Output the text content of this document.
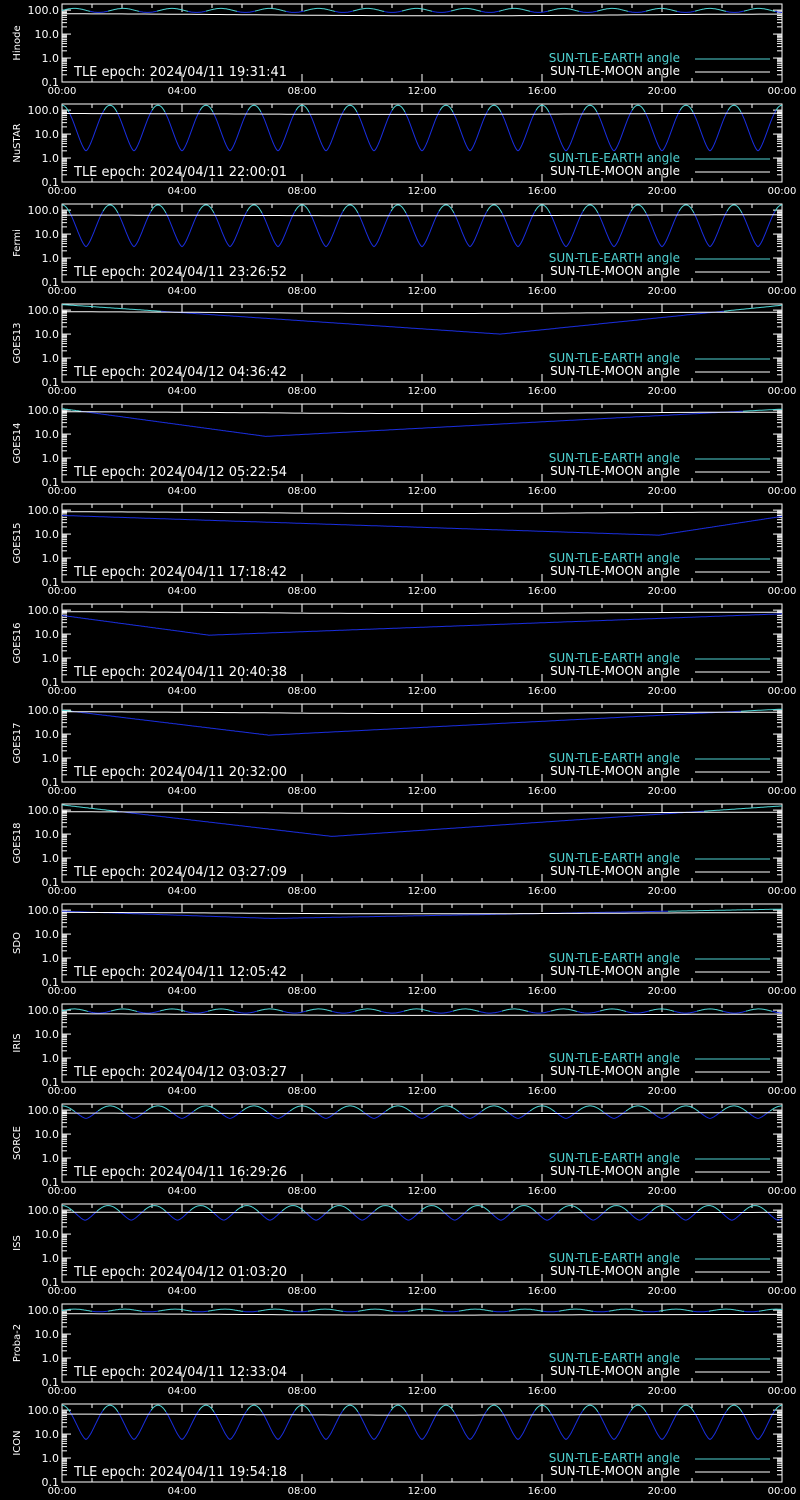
100.0
10.0
1.0
0.1
00:00	04:00	08:00	12:00	16:00	20:00	00:00
Hinode
TLE epoch: 2024/04/11 19:31:41
SUN-TLE-EARTH angle
SUN-TLE-MOON angle
100.0
10.0
1.0
0.1
00:00	04:00	08:00	12:00	16:00	20:00	00:00
NuSTAR
TLE epoch: 2024/04/11 22:00:01
SUN-TLE-EARTH angle
SUN-TLE-MOON angle
100.0
10.0
1.0
0.1
00:00	04:00	08:00	12:00	16:00	20:00	00:00
Fermi
TLE epoch: 2024/04/11 23:26:52
SUN-TLE-EARTH angle
SUN-TLE-MOON angle
100.0
10.0
1.0
0.1
00:00	04:00	08:00	12:00	16:00	20:00	00:00
GOES13
TLE epoch: 2024/04/12 04:36:42
SUN-TLE-EARTH angle
SUN-TLE-MOON angle
100.0
10.0
1.0
0.1
00:00	04:00	08:00	12:00	16:00	20:00	00:00
GOES14
TLE epoch: 2024/04/12 05:22:54
SUN-TLE-EARTH angle
SUN-TLE-MOON angle
100.0
10.0
1.0
0.1
00:00	04:00	08:00	12:00	16:00	20:00	00:00
GOES15
TLE epoch: 2024/04/11 17:18:42
SUN-TLE-EARTH angle
SUN-TLE-MOON angle
100.0
10.0
1.0
0.1
00:00	04:00	08:00	12:00	16:00	20:00	00:00
GOES16
TLE epoch: 2024/04/11 20:40:38
SUN-TLE-EARTH angle
SUN-TLE-MOON angle
100.0
10.0
1.0
0.1
00:00	04:00	08:00	12:00	16:00	20:00	00:00
GOES17
TLE epoch: 2024/04/11 20:32:00
SUN-TLE-EARTH angle
SUN-TLE-MOON angle
100.0
10.0
1.0
0.1
00:00	04:00	08:00	12:00	16:00	20:00	00:00
GOES18
TLE epoch: 2024/04/12 03:27:09
SUN-TLE-EARTH angle
SUN-TLE-MOON angle
100.0
10.0
1.0
0.1
00:00	04:00	08:00	12:00	16:00	20:00	00:00
SDO
TLE epoch: 2024/04/11 12:05:42
SUN-TLE-EARTH angle
SUN-TLE-MOON angle
100.0
10.0
1.0
0.1
00:00	04:00	08:00	12:00	16:00	20:00	00:00
IRIS
TLE epoch: 2024/04/12 03:03:27
SUN-TLE-EARTH angle
SUN-TLE-MOON angle
100.0
10.0
1.0
0.1
00:00	04:00	08:00	12:00	16:00	20:00	00:00
SORCE
TLE epoch: 2024/04/11 16:29:26
SUN-TLE-EARTH angle
SUN-TLE-MOON angle
100.0
10.0
1.0
0.1
00:00	04:00	08:00	12:00	16:00	20:00	00:00
ISS
TLE epoch: 2024/04/12 01:03:20
SUN-TLE-EARTH angle
SUN-TLE-MOON angle
100.0
10.0
1.0
0.1
00:00	04:00	08:00	12:00	16:00	20:00	00:00
Proba-2
TLE epoch: 2024/04/11 12:33:04
SUN-TLE-EARTH angle
SUN-TLE-MOON angle
100.0
10.0
1.0
0.1
00:00	04:00	08:00	12:00	16:00	20:00	00:00
ICON
TLE epoch: 2024/04/11 19:54:18
SUN-TLE-EARTH angle
SUN-TLE-MOON angle
